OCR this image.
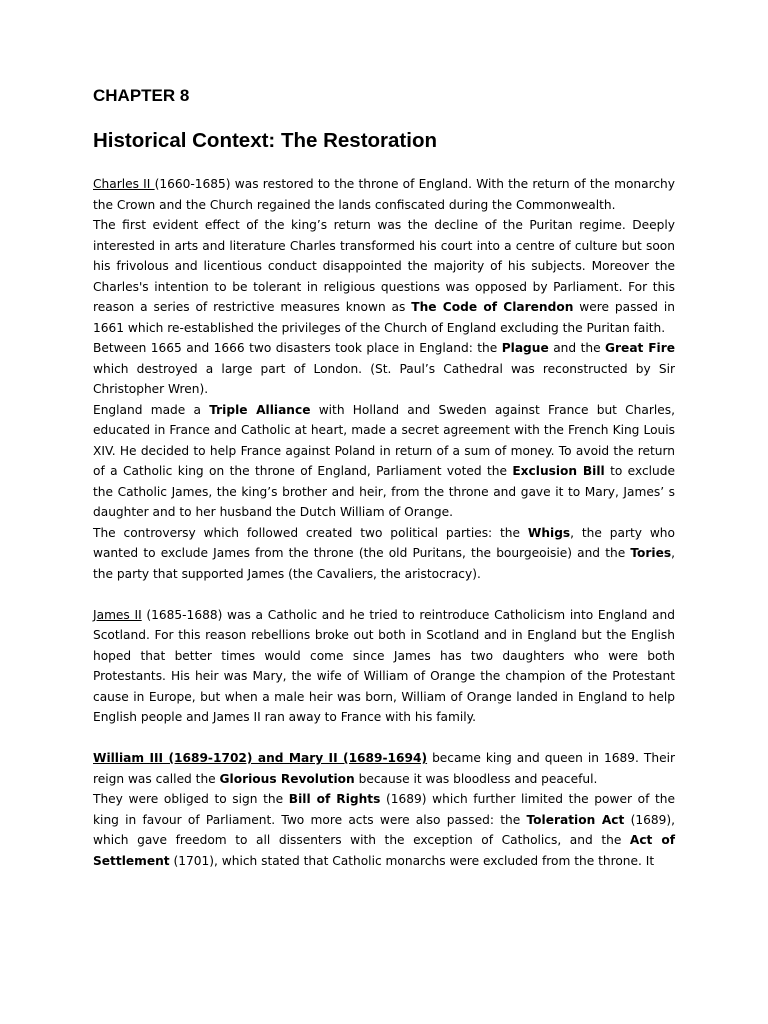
CHAPTER 8
Historical Context: The Restoration

Charles II (1660-1685) was restored to the throne of England. With the return of the monarchy the Crown and the Church regained the lands confiscated during the Commonwealth.

The first evident effect of the king’s return was the decline of the Puritan regime. Deeply interested in arts and literature Charles transformed his court into a centre of culture but soon his frivolous and licentious conduct disappointed the majority of his subjects. Moreover the Charles's intention to be tolerant in religious questions was opposed by Parliament. For this reason a series of restrictive measures known as The Code of Clarendon were passed in 1661 which re-established the privileges of the Church of England excluding the Puritan faith.

Between 1665 and 1666 two disasters took place in England: the Plague and the Great Fire which destroyed a large part of London. (St. Paul’s Cathedral was reconstructed by Sir Christopher Wren).

England made a Triple Alliance with Holland and Sweden against France but Charles, educated in France and Catholic at heart, made a secret agreement with the French King Louis XIV. He decided to help France against Poland in return of a sum of money. To avoid the return of a Catholic king on the throne of England, Parliament voted the Exclusion Bill to exclude the Catholic James, the king’s brother and heir, from the throne and gave it to Mary, James’ s daughter and to her husband the Dutch William of Orange.

The controversy which followed created two political parties: the Whigs, the party who wanted to exclude James from the throne (the old Puritans, the bourgeoisie) and the Tories, the party that supported James (the Cavaliers, the aristocracy).

James II (1685-1688) was a Catholic and he tried to reintroduce Catholicism into England and Scotland. For this reason rebellions broke out both in Scotland and in England but the English hoped that better times would come since James has two daughters who were both Protestants. His heir was Mary, the wife of William of Orange the champion of the Protestant cause in Europe, but when a male heir was born, William of Orange landed in England to help English people and James II ran away to France with his family.

William III (1689-1702) and Mary II (1689-1694) became king and queen in 1689. Their reign was called the Glorious Revolution because it was bloodless and peaceful.

They were obliged to sign the Bill of Rights (1689) which further limited the power of the king in favour of Parliament. Two more acts were also passed: the Toleration Act (1689), which gave freedom to all dissenters with the exception of Catholics, and the Act of Settlement (1701), which stated that Catholic monarchs were excluded from the throne. It
